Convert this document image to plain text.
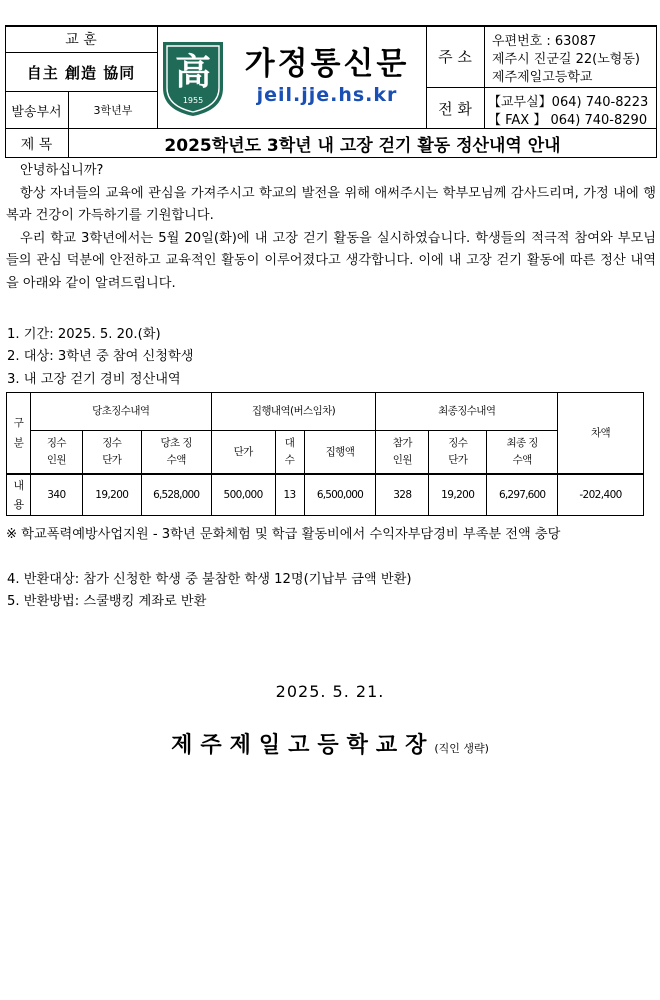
교 훈
自主 創造 協同
발송부서	3학년부
高
1955
가정통신문
jeil.jje.hs.kr
주 소
우편번호 : 63087
제주시 진군길 22(노형동)
제주제일고등학교
전 화	【교무실】064) 740-8223
【 FAX 】 064) 740-8290
제 목	2025학년도 3학년 내 고장 걷기 활동 정산내역 안내

안녕하십니까?

항상 자녀들의 교육에 관심을 가져주시고 학교의 발전을 위해 애써주시는 학부모님께 감사드리며, 가정 내에 행복과 건강이 가득하기를 기원합니다.

우리 학교 3학년에서는 5월 20일(화)에 내 고장 걷기 활동을 실시하였습니다. 학생들의 적극적 참여와 부모님들의 관심 덕분에 안전하고 교육적인 활동이 이루어졌다고 생각합니다. 이에 내 고장 걷기 활동에 따른 정산 내역을 아래와 같이 알려드립니다.

1. 기간: 2025. 5. 20.(화)
2. 대상: 3학년 중 참여 신청학생
3. 내 고장 걷기 경비 정산내역
구 분	당초징수내역			집행내역(버스임차)			최종징수내역			차액

	징수 인원	징수 단가	당초 징수액	단가	대 수	집행액	참가 인원	징수 단가	최종 징수액	

내 용	340	19,200	6,528,000	500,000	13	6,500,000	328	19,200	6,297,600	-202,400
※ 학교폭력예방사업지원 - 3학년 문화체험 및 학급 활동비에서 수익자부담경비 부족분 전액 충당
4. 반환대상: 참가 신청한 학생 중 불참한 학생 12명(기납부 금액 반환)
5. 반환방법: 스쿨뱅킹 계좌로 반환
2025. 5. 21.
제주제일고등학교장(직인 생략)
